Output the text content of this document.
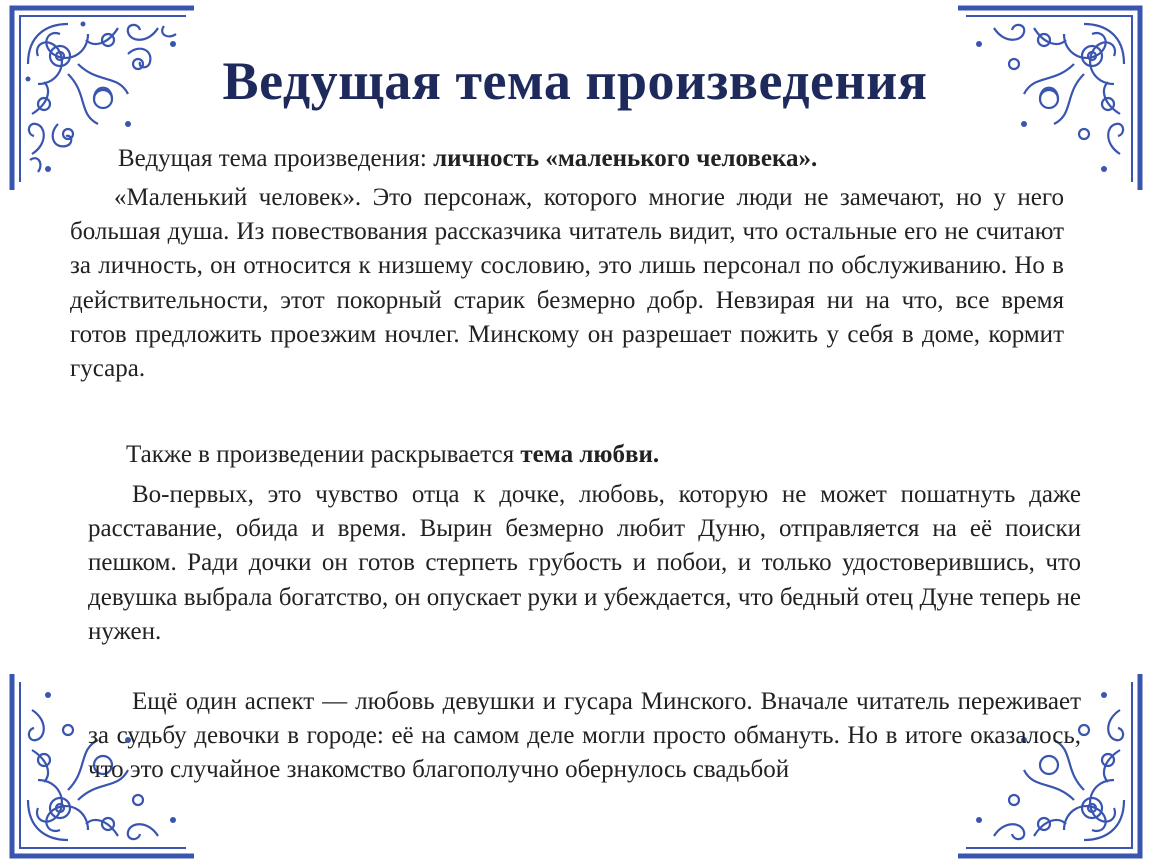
Ведущая тема произведения
Ведущая тема произведения: личность «маленького человека».
«Маленький человек». Это персонаж, которого многие люди не замечают, но у него большая душа. Из повествования рассказчика читатель видит, что остальные его не считают за личность, он относится к низшему сословию, это лишь персонал по обслуживанию. Но в действительности, этот покорный старик безмерно добр. Невзирая ни на что, все время готов предложить проезжим ночлег. Минскому он разрешает пожить у себя в доме, кормит гусара.
Также в произведении раскрывается тема любви.
Во-первых, это чувство отца к дочке, любовь, которую не может пошатнуть даже расставание, обида и время. Вырин безмерно любит Дуню, отправляется на её поиски пешком. Ради дочки он готов стерпеть грубость и побои, и только удостоверившись, что девушка выбрала богатство, он опускает руки и убеждается, что бедный отец Дуне теперь не нужен.
Ещё один аспект — любовь девушки и гусара Минского. Вначале читатель переживает за судьбу девочки в городе: её на самом деле могли просто обмануть. Но в итоге оказалось, что это случайное знакомство благополучно обернулось свадьбой
